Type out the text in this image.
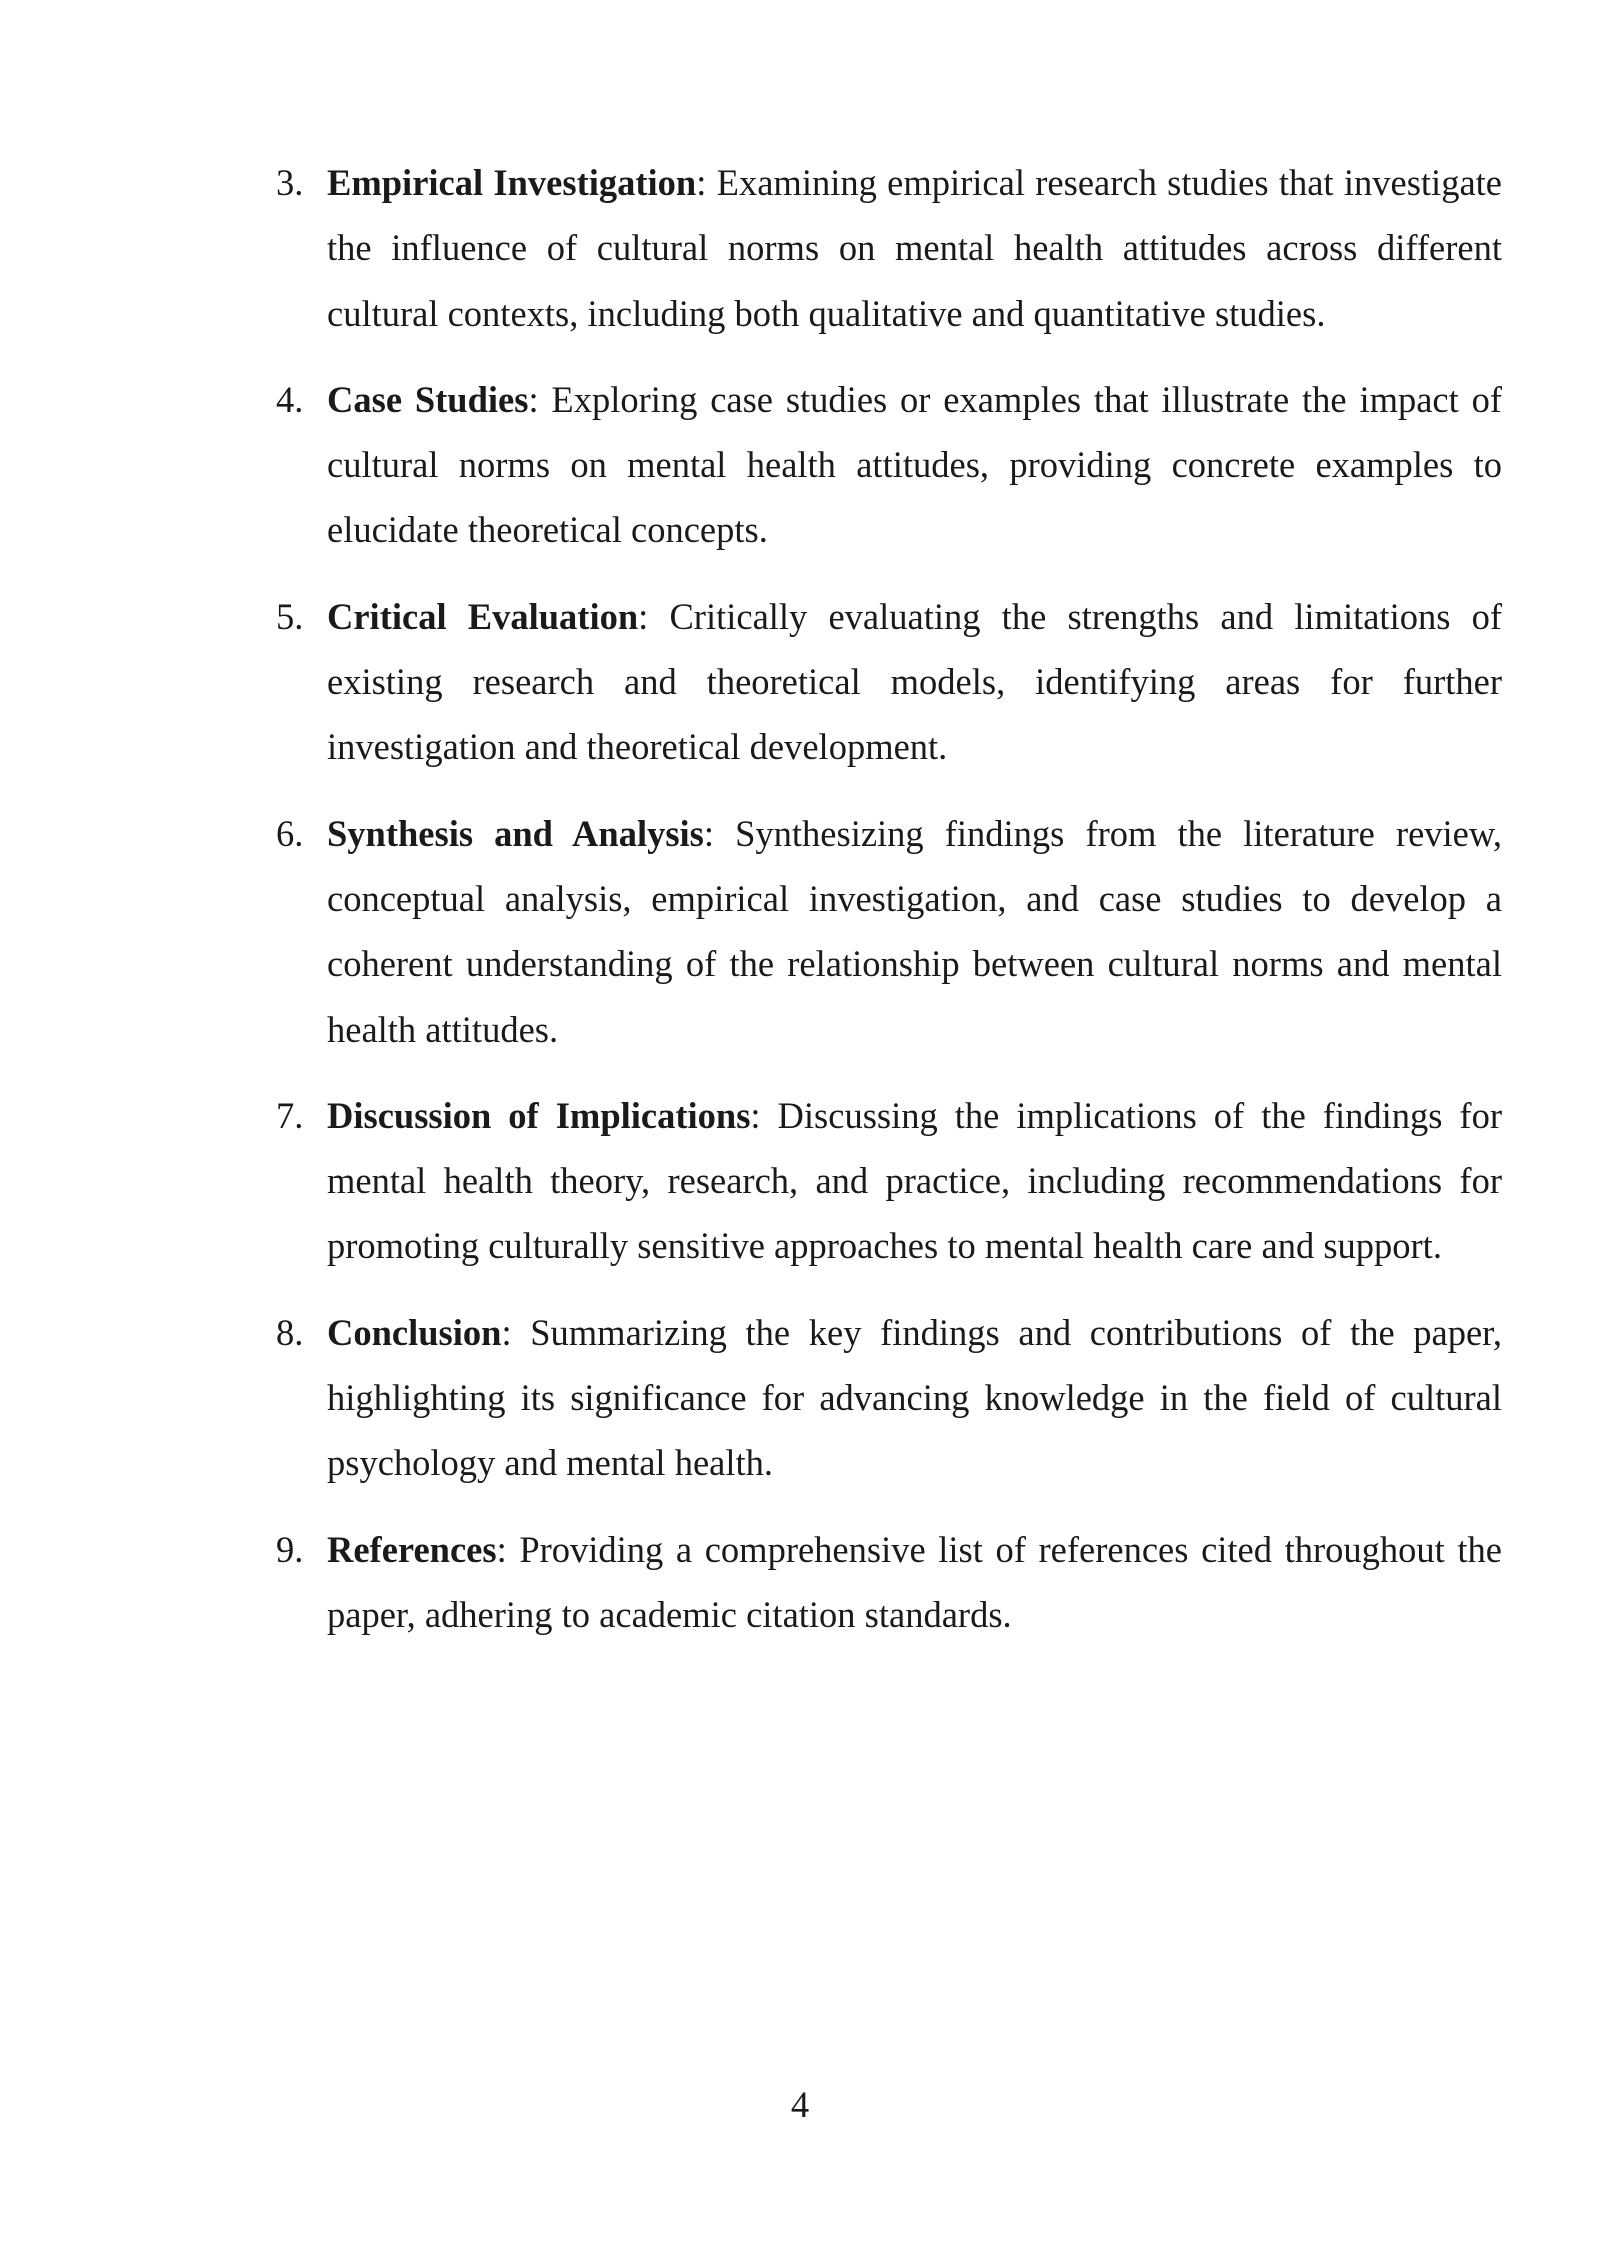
3. Empirical Investigation: Examining empirical research studies that investigate the influence of cultural norms on mental health attitudes across different cultural contexts, including both qualitative and quantitative studies.
4. Case Studies: Exploring case studies or examples that illustrate the impact of cultural norms on mental health attitudes, providing concrete examples to elucidate theoretical concepts.
5. Critical Evaluation: Critically evaluating the strengths and limitations of existing research and theoretical models, identifying areas for further investigation and theoretical development.
6. Synthesis and Analysis: Synthesizing findings from the literature review, conceptual analysis, empirical investigation, and case studies to develop a coherent understanding of the relationship between cultural norms and mental health attitudes.
7. Discussion of Implications: Discussing the implications of the findings for mental health theory, research, and practice, including recommendations for promoting culturally sensitive approaches to mental health care and support.
8. Conclusion: Summarizing the key findings and contributions of the paper, highlighting its significance for advancing knowledge in the field of cultural psychology and mental health.
9. References: Providing a comprehensive list of references cited throughout the paper, adhering to academic citation standards.
4
